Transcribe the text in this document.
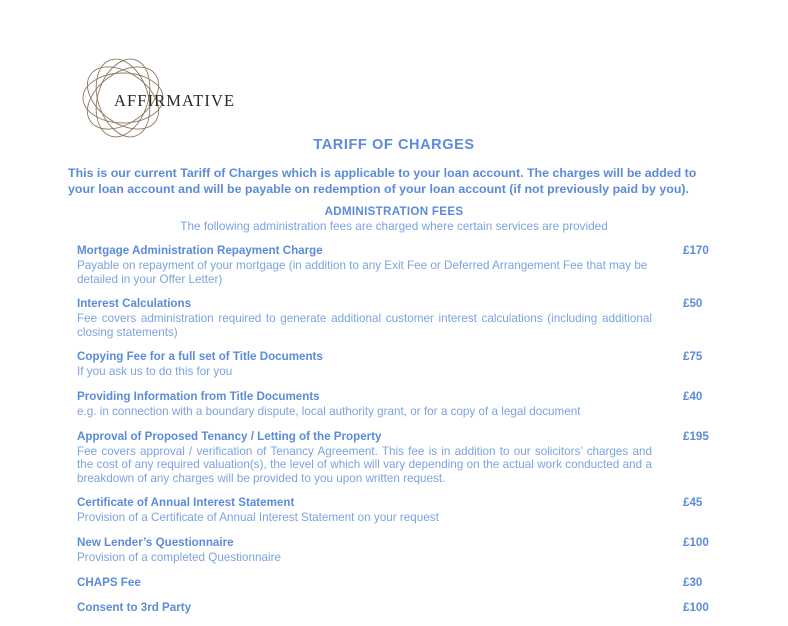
AFFIRMATIVE
TARIFF OF CHARGES
This is our current Tariff of Charges which is applicable to your loan account. The charges will be added to your loan account and will be payable on redemption of your loan account (if not previously paid by you).
ADMINISTRATION FEES
The following administration fees are charged where certain services are provided
Mortgage Administration Repayment Charge	£170
Payable on repayment of your mortgage (in addition to any Exit Fee or Deferred Arrangement Fee that may be detailed in your Offer Letter)
Interest Calculations	£50
Fee covers administration required to generate additional customer interest calculations (including additional closing statements)
Copying Fee for a full set of Title Documents	£75
If you ask us to do this for you
Providing Information from Title Documents	£40
e.g. in connection with a boundary dispute, local authority grant, or for a copy of a legal document
Approval of Proposed Tenancy / Letting of the Property	£195
Fee covers approval / verification of Tenancy Agreement. This fee is in addition to our solicitors’ charges and the cost of any required valuation(s), the level of which will vary depending on the actual work conducted and a breakdown of any charges will be provided to you upon written request.
Certificate of Annual Interest Statement	£45
Provision of a Certificate of Annual Interest Statement on your request
New Lender’s Questionnaire	£100
Provision of a completed Questionnaire
CHAPS Fee	£30
Consent to 3rd Party	£100
